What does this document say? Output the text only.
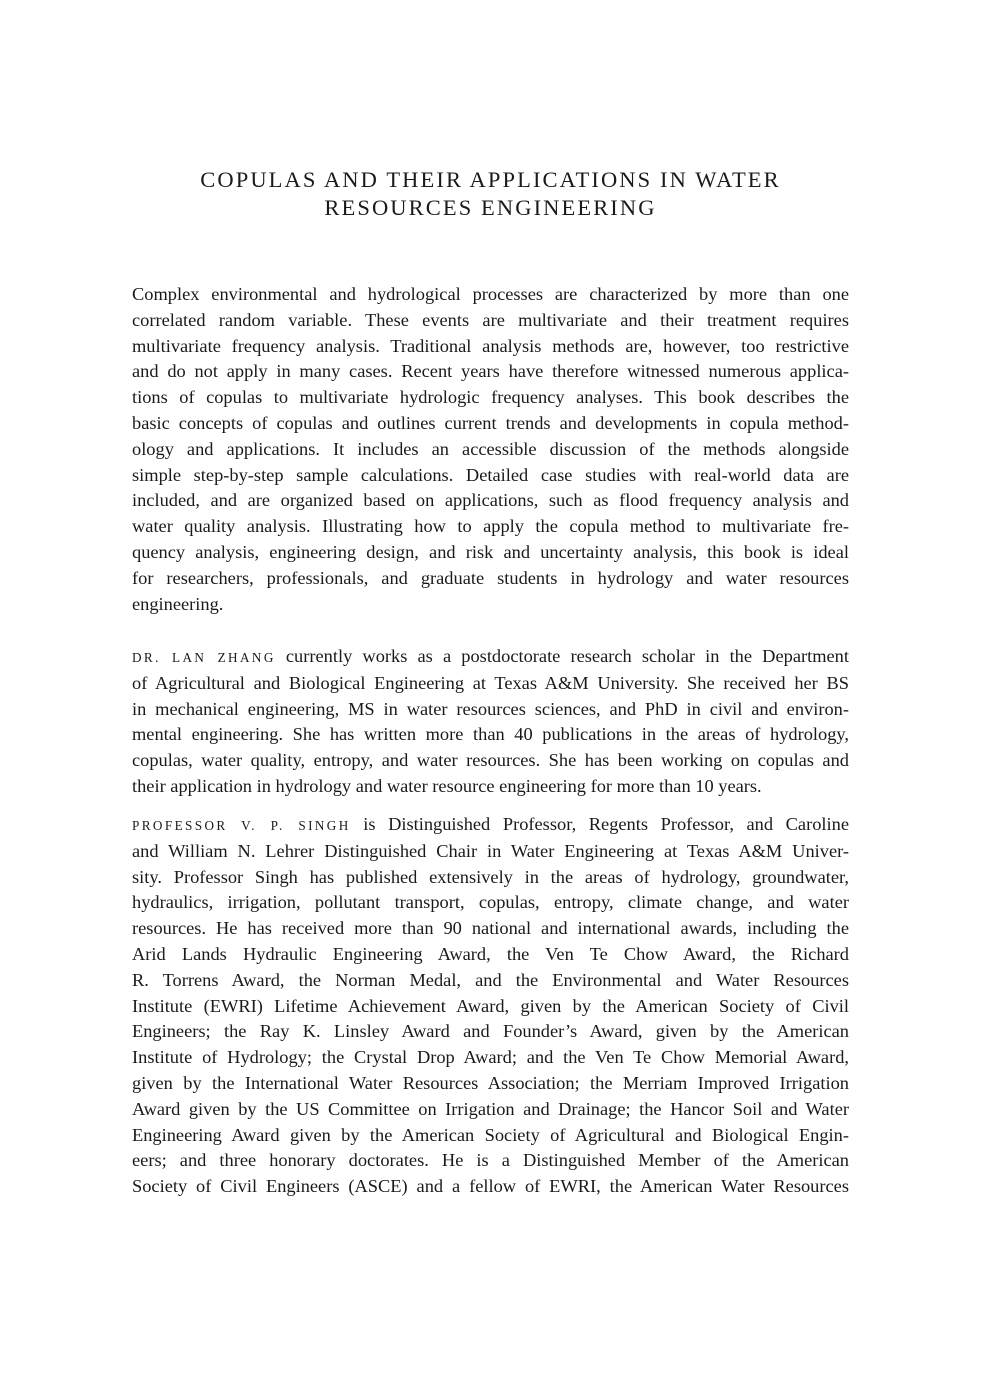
COPULAS AND THEIR APPLICATIONS IN WATER
RESOURCES ENGINEERING
Complex environmental and hydrological processes are characterized by more than one
correlated random variable. These events are multivariate and their treatment requires
multivariate frequency analysis. Traditional analysis methods are, however, too restrictive
and do not apply in many cases. Recent years have therefore witnessed numerous applica-
tions of copulas to multivariate hydrologic frequency analyses. This book describes the
basic concepts of copulas and outlines current trends and developments in copula method-
ology and applications. It includes an accessible discussion of the methods alongside
simple step-by-step sample calculations. Detailed case studies with real-world data are
included, and are organized based on applications, such as flood frequency analysis and
water quality analysis. Illustrating how to apply the copula method to multivariate fre-
quency analysis, engineering design, and risk and uncertainty analysis, this book is ideal
for researchers, professionals, and graduate students in hydrology and water resources
engineering.
DR. LAN ZHANG currently works as a postdoctorate research scholar in the Department
of Agricultural and Biological Engineering at Texas A&M University. She received her BS
in mechanical engineering, MS in water resources sciences, and PhD in civil and environ-
mental engineering. She has written more than 40 publications in the areas of hydrology,
copulas, water quality, entropy, and water resources. She has been working on copulas and
their application in hydrology and water resource engineering for more than 10 years.
PROFESSOR V. P. SINGH is Distinguished Professor, Regents Professor, and Caroline
and William N. Lehrer Distinguished Chair in Water Engineering at Texas A&M Univer-
sity. Professor Singh has published extensively in the areas of hydrology, groundwater,
hydraulics, irrigation, pollutant transport, copulas, entropy, climate change, and water
resources. He has received more than 90 national and international awards, including the
Arid Lands Hydraulic Engineering Award, the Ven Te Chow Award, the Richard
R. Torrens Award, the Norman Medal, and the Environmental and Water Resources
Institute (EWRI) Lifetime Achievement Award, given by the American Society of Civil
Engineers; the Ray K. Linsley Award and Founder’s Award, given by the American
Institute of Hydrology; the Crystal Drop Award; and the Ven Te Chow Memorial Award,
given by the International Water Resources Association; the Merriam Improved Irrigation
Award given by the US Committee on Irrigation and Drainage; the Hancor Soil and Water
Engineering Award given by the American Society of Agricultural and Biological Engin-
eers; and three honorary doctorates. He is a Distinguished Member of the American
Society of Civil Engineers (ASCE) and a fellow of EWRI, the American Water Resources
